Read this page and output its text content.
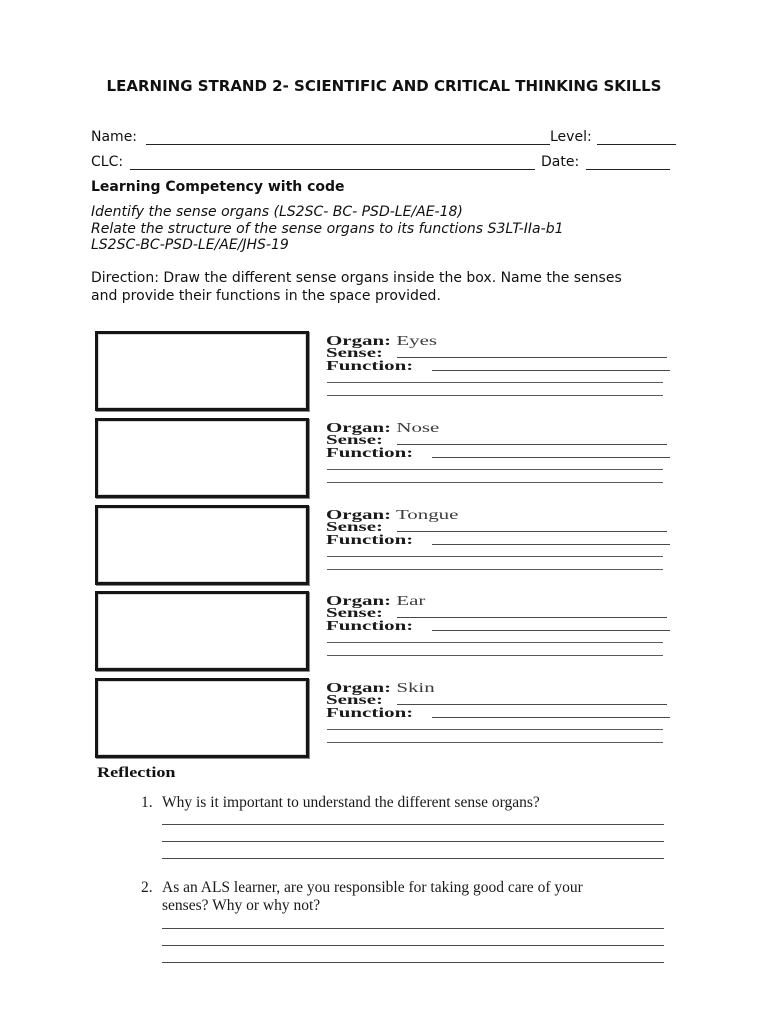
LEARNING STRAND 2- SCIENTIFIC AND CRITICAL THINKING SKILLS
Name:	Level:
CLC:	Date:
Learning Competency with code
Identify the sense organs (LS2SC- BC- PSD-LE/AE-18)
Relate the structure of the sense organs to its functions S3LT-IIa-b1
LS2SC-BC-PSD-LE/AE/JHS-19
Direction: Draw the different sense organs inside the box. Name the senses
and provide their functions in the space provided.
Organ: Eyes
Sense:
Function:
Organ: Nose
Sense:
Function:
Organ: Tongue
Sense:
Function:
Organ: Ear
Sense:
Function:
Organ: Skin
Sense:
Function:
Reflection
1. Why is it important to understand the different sense organs?
2. As an ALS learner, are you responsible for taking good care of your
senses? Why or why not?
